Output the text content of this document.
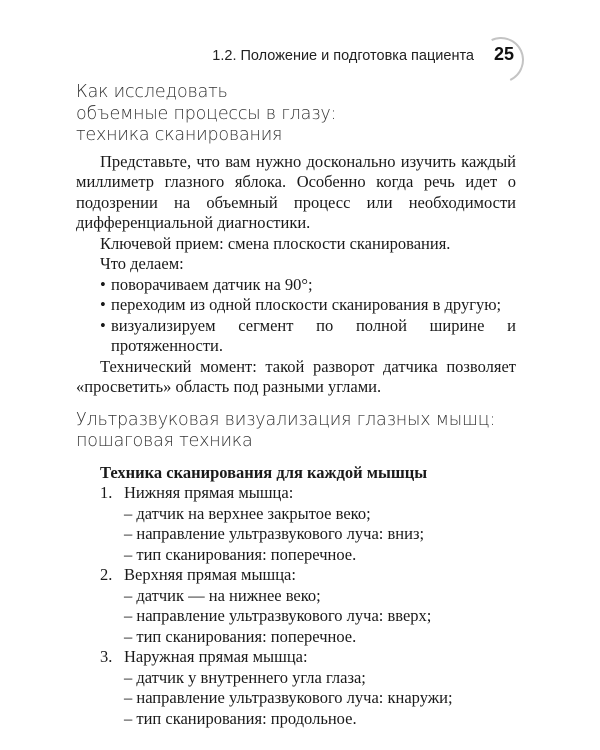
1.2. Положение и подготовка пациента 25
Как исследовать
объемные процессы в глазу:
техника сканирования

Представьте, что вам нужно досконально изучить каждый миллиметр глазного яблока. Особенно когда речь идет о подозрении на объемный процесс или необходимости дифференциальной диагностики.

Ключевой прием: смена плоскости сканирования.

Что делаем:

• поворачиваем датчик на 90°;
• переходим из одной плоскости сканирования в другую;
• визуализируем сегмент по полной ширине и протяженности.

Технический момент: такой разворот датчика позволяет «просветить» область под разными углами.

Ультразвуковая визуализация глазных мышц:
пошаговая техника

Техника сканирования для каждой мышцы

1. Нижняя прямая мышца:
– датчик на верхнее закрытое веко;
– направление ультразвукового луча: вниз;
– тип сканирования: поперечное.
2. Верхняя прямая мышца:
– датчик — на нижнее веко;
– направление ультразвукового луча: вверх;
– тип сканирования: поперечное.
3. Наружная прямая мышца:
– датчик у внутреннего угла глаза;
– направление ультразвукового луча: кнаружи;
– тип сканирования: продольное.
